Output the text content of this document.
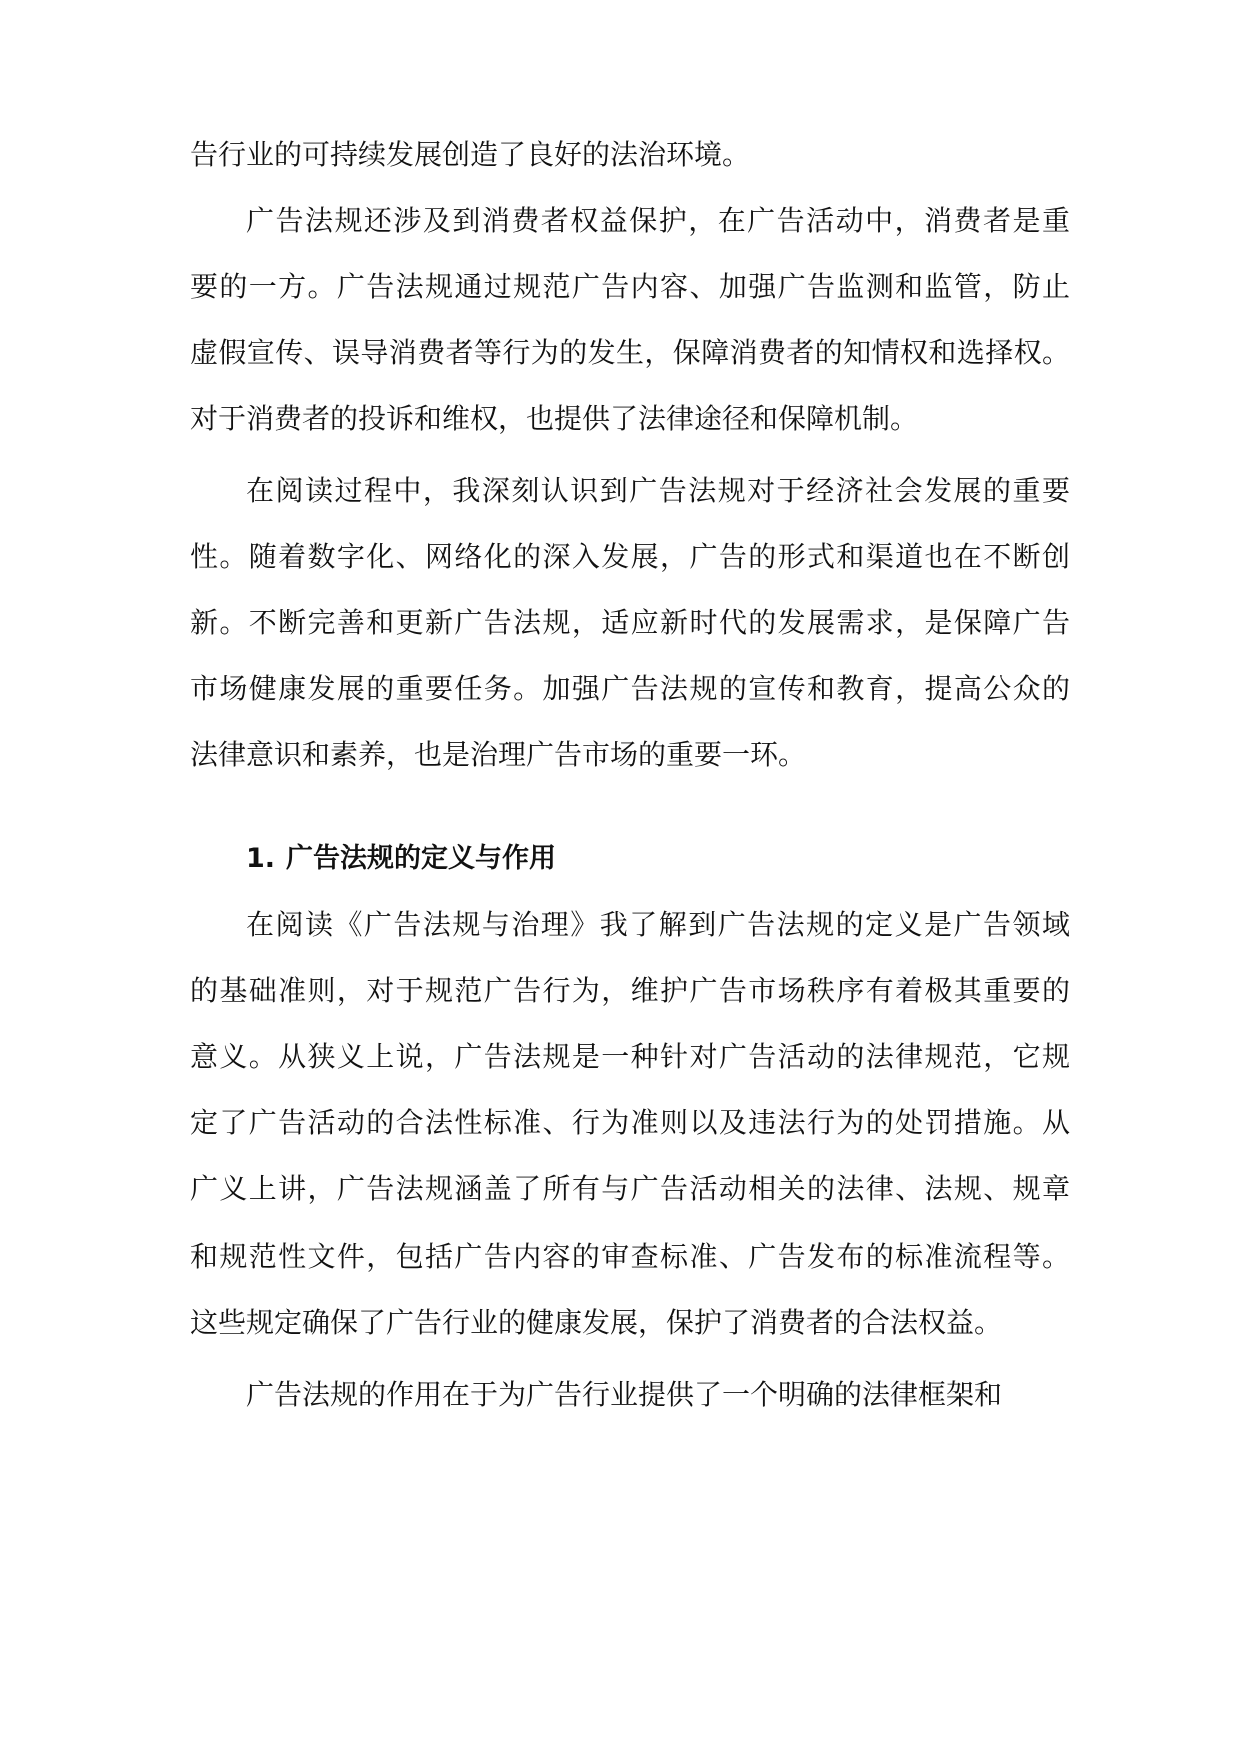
告行业的可持续发展创造了良好的法治环境。
广告法规还涉及到消费者权益保护，在广告活动中，消费者是重
要的一方。广告法规通过规范广告内容、加强广告监测和监管，防止
虚假宣传、误导消费者等行为的发生，保障消费者的知情权和选择权。
对于消费者的投诉和维权，也提供了法律途径和保障机制。
在阅读过程中，我深刻认识到广告法规对于经济社会发展的重要
性。随着数字化、网络化的深入发展，广告的形式和渠道也在不断创
新。不断完善和更新广告法规，适应新时代的发展需求，是保障广告
市场健康发展的重要任务。加强广告法规的宣传和教育，提高公众的
法律意识和素养，也是治理广告市场的重要一环。
1. 广告法规的定义与作用
在阅读《广告法规与治理》我了解到广告法规的定义是广告领域
的基础准则，对于规范广告行为，维护广告市场秩序有着极其重要的
意义。从狭义上说，广告法规是一种针对广告活动的法律规范，它规
定了广告活动的合法性标准、行为准则以及违法行为的处罚措施。从
广义上讲，广告法规涵盖了所有与广告活动相关的法律、法规、规章
和规范性文件，包括广告内容的审查标准、广告发布的标准流程等。
这些规定确保了广告行业的健康发展，保护了消费者的合法权益。
广告法规的作用在于为广告行业提供了一个明确的法律框架和
